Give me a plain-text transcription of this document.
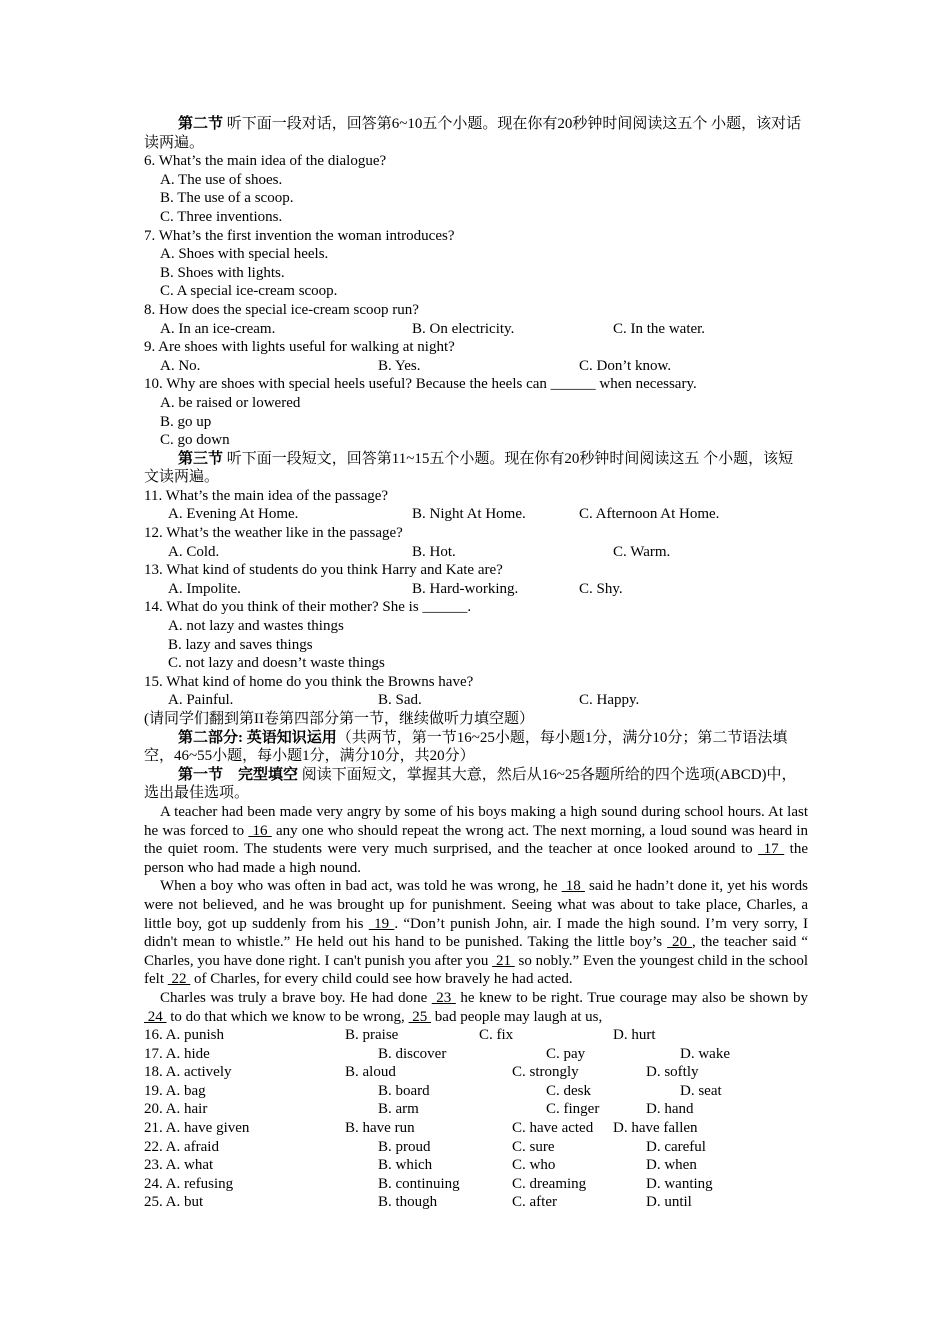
第二节 听下面一段对话，回答第6~10五个小题。现在你有20秒钟时间阅读这五个 小题，该对话读两遍。
6. What’s the main idea of the dialogue?
A. The use of shoes.
B. The use of a scoop.
C. Three inventions.
7. What’s the first invention the woman introduces?
A. Shoes with special heels.
B. Shoes with lights.
C. A special ice-cream scoop.
8. How does the special ice-cream scoop run?
A. In an ice-cream.	B. On electricity.	C. In the water.
9. Are shoes with lights useful for walking at night?
A. No.	B. Yes.	C. Don’t know.
10. Why are shoes with special heels useful? Because the heels can ______ when necessary.
A. be raised or lowered
B. go up
C. go down
第三节 听下面一段短文，回答第11~15五个小题。现在你有20秒钟时间阅读这五 个小题，该短文读两遍。
11. What’s the main idea of the passage?
A. Evening At Home.	B. Night At Home.	C. Afternoon At Home.
12. What’s the weather like in the passage?
A. Cold.	B. Hot.	C. Warm.
13. What kind of students do you think Harry and Kate are?
A. Impolite.	B. Hard-working.	C. Shy.
14. What do you think of their mother? She is ______.
A. not lazy and wastes things
B. lazy and saves things
C. not lazy and doesn’t waste things
15. What kind of home do you think the Browns have?
A. Painful.	B. Sad.	C. Happy.
(请同学们翻到第II卷第四部分第一节，继续做听力填空题）
第二部分: 英语知识运用（共两节，第一节16~25小题，每小题1分，满分10分；第二节语法填空，46~55小题，每小题1分，满分10分，共20分）
第一节　完型填空 阅读下面短文，掌握其大意，然后从16~25各题所给的四个选项(ABCD)中，选出最佳选项。
A teacher had been made very angry by some of his boys making a high sound during school hours. At last he was forced to  16  any one who should repeat the wrong act. The next morning, a loud sound was heard in the quiet room. The students were very much surprised, and the teacher at once looked around to  17  the person who had made a high nound.
When a boy who was often in bad act, was told he was wrong, he  18  said he hadn’t done it, yet his words were not believed, and he was brought up for punishment. Seeing what was about to take place, Charles, a little boy, got up suddenly from his  19 . “Don’t punish John, air. I made the high sound. I’m very sorry, I didn't mean to whistle.” He held out his hand to be punished. Taking the little boy’s  20 , the teacher said “ Charles, you have done right. I can't punish you after you  21  so nobly.” Even the youngest child in the school felt  22  of Charles, for every child could see how bravely he had acted.
Charles was truly a brave boy. He had done  23  he knew to be right. True courage may also be shown by  24  to do that which we know to be wrong,  25  bad people may laugh at us,
16. A. punish	B. praise	C. fix	D. hurt
17. A. hide	B. discover	C. pay	D. wake
18. A. actively	B. aloud	C. strongly	D. softly
19. A. bag	B. board	C. desk	D. seat
20. A. hair	B. arm	C. finger	D. hand
21. A. have given	B. have run	C. have acted D. have fallen
22. A. afraid	B. proud	C. sure	D. careful
23. A. what	B. which	C. who	D. when
24. A. refusing	B. continuing	C. dreaming	D. wanting
25. A. but	B. though	C. after	D. until
